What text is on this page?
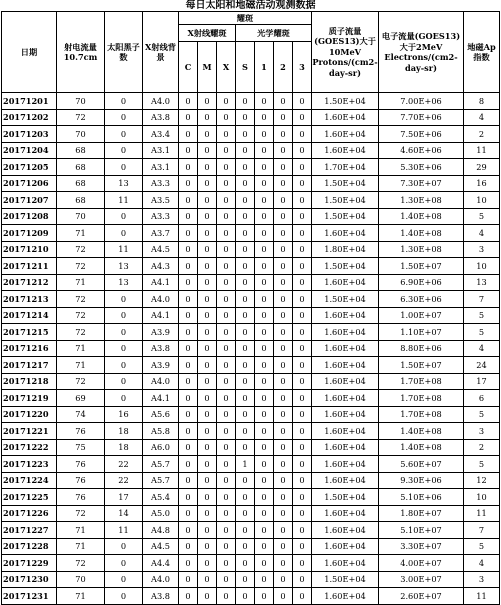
每日太阳和地磁活动观测数据
日期	射电流量 10.7cm	太阳黑子数	X射线背景	耀斑							质子流量(GOES13)大于10MeV Protons/(cm2-day-sr)	电子流量(GOES13)大于2MeV Electrons/(cm2-day-sr)	地磁Ap指数
				X射线耀斑			光学耀斑						
				C	M	X	S	1	2	3			
20171201	70	0	A4.0	0	0	0	0	0	0	0	1.50E+04	7.00E+06	8
20171202	72	0	A3.8	0	0	0	0	0	0	0	1.60E+04	7.70E+06	4
20171203	70	0	A3.4	0	0	0	0	0	0	0	1.60E+04	7.50E+06	2
20171204	68	0	A3.1	0	0	0	0	0	0	0	1.60E+04	4.60E+06	11
20171205	68	0	A3.1	0	0	0	0	0	0	0	1.70E+04	5.30E+06	29
20171206	68	13	A3.3	0	0	0	0	0	0	0	1.50E+04	7.30E+07	16
20171207	68	11	A3.5	0	0	0	0	0	0	0	1.50E+04	1.30E+08	10
20171208	70	0	A3.3	0	0	0	0	0	0	0	1.50E+04	1.40E+08	5
20171209	71	0	A3.7	0	0	0	0	0	0	0	1.60E+04	1.40E+08	4
20171210	72	11	A4.5	0	0	0	0	0	0	0	1.80E+04	1.30E+08	3
20171211	72	13	A4.3	0	0	0	0	0	0	0	1.50E+04	1.50E+07	10
20171212	71	13	A4.1	0	0	0	0	0	0	0	1.60E+04	6.90E+06	13
20171213	72	0	A4.0	0	0	0	0	0	0	0	1.50E+04	6.30E+06	7
20171214	72	0	A4.1	0	0	0	0	0	0	0	1.60E+04	1.00E+07	5
20171215	72	0	A3.9	0	0	0	0	0	0	0	1.60E+04	1.10E+07	5
20171216	71	0	A3.8	0	0	0	0	0	0	0	1.60E+04	8.80E+06	4
20171217	71	0	A3.9	0	0	0	0	0	0	0	1.60E+04	1.50E+07	24
20171218	72	0	A4.0	0	0	0	0	0	0	0	1.60E+04	1.70E+08	17
20171219	69	0	A4.1	0	0	0	0	0	0	0	1.60E+04	1.70E+08	6
20171220	74	16	A5.6	0	0	0	0	0	0	0	1.60E+04	1.70E+08	5
20171221	76	18	A5.8	0	0	0	0	0	0	0	1.60E+04	1.40E+08	3
20171222	75	18	A6.0	0	0	0	0	0	0	0	1.60E+04	1.40E+08	2
20171223	76	22	A5.7	0	0	0	1	0	0	0	1.60E+04	5.60E+07	5
20171224	76	22	A5.7	0	0	0	0	0	0	0	1.60E+04	9.30E+06	12
20171225	76	17	A5.4	0	0	0	0	0	0	0	1.50E+04	5.10E+06	10
20171226	72	14	A5.0	0	0	0	0	0	0	0	1.60E+04	1.80E+07	11
20171227	71	11	A4.8	0	0	0	0	0	0	0	1.60E+04	5.10E+07	7
20171228	71	0	A4.5	0	0	0	0	0	0	0	1.60E+04	3.30E+07	5
20171229	72	0	A4.4	0	0	0	0	0	0	0	1.60E+04	4.00E+07	4
20171230	70	0	A4.0	0	0	0	0	0	0	0	1.50E+04	3.00E+07	3
20171231	71	0	A3.8	0	0	0	0	0	0	0	1.60E+04	2.60E+07	11
